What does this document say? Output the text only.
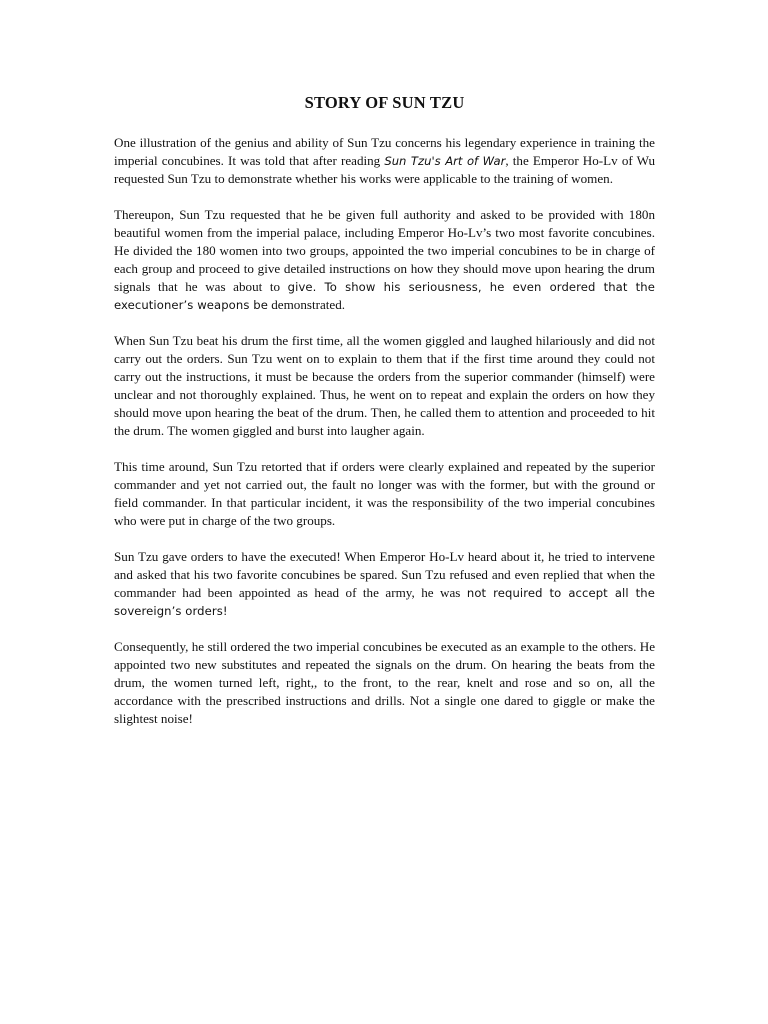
STORY OF SUN TZU

One illustration of the genius and ability of Sun Tzu concerns his legendary experience in training the imperial concubines. It was told that after reading Sun Tzu's Art of War, the Emperor Ho-Lv of Wu requested Sun Tzu to demonstrate whether his works were applicable to the training of women.

Thereupon, Sun Tzu requested that he be given full authority and asked to be provided with 180n beautiful women from the imperial palace, including Emperor Ho-Lv’s two most favorite concubines. He divided the 180 women into two groups, appointed the two imperial concubines to be in charge of each group and proceed to give detailed instructions on how they should move upon hearing the drum signals that he was about to give. To show his seriousness, he even ordered that the executioner’s weapons be demonstrated.

When Sun Tzu beat his drum the first time, all the women giggled and laughed hilariously and did not carry out the orders. Sun Tzu went on to explain to them that if the first time around they could not carry out the instructions, it must be because the orders from the superior commander (himself) were unclear and not thoroughly explained. Thus, he went on to repeat and explain the orders on how they should move upon hearing the beat of the drum. Then, he called them to attention and proceeded to hit the drum. The women giggled and burst into laugher again.

This time around, Sun Tzu retorted that if orders were clearly explained and repeated by the superior commander and yet not carried out, the fault no longer was with the former, but with the ground or field commander. In that particular incident, it was the responsibility of the two imperial concubines who were put in charge of the two groups.

Sun Tzu gave orders to have the executed! When Emperor Ho-Lv heard about it, he tried to intervene and asked that his two favorite concubines be spared. Sun Tzu refused and even replied that when the commander had been appointed as head of the army, he was not required to accept all the sovereign’s orders!

Consequently, he still ordered the two imperial concubines be executed as an example to the others. He appointed two new substitutes and repeated the signals on the drum. On hearing the beats from the drum, the women turned left, right,, to the front, to the rear, knelt and rose and so on, all the accordance with the prescribed instructions and drills. Not a single one dared to giggle or make the slightest noise!
